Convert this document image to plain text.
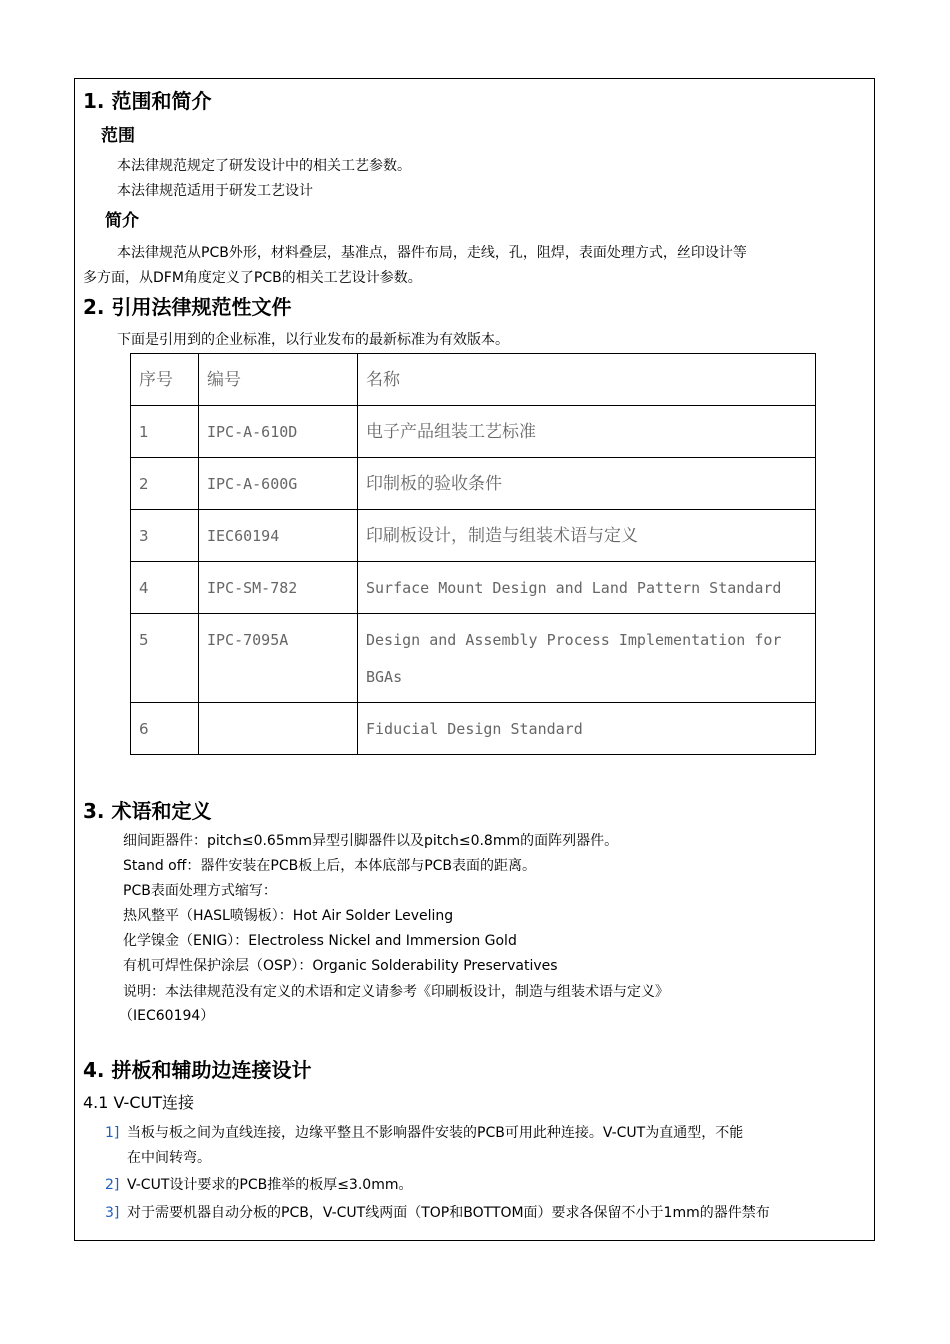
1. 范围和简介
范围
本法律规范规定了研发设计中的相关工艺参数。
本法律规范适用于研发工艺设计
简介
本法律规范从PCB外形，材料叠层，基准点，器件布局，走线，孔，阻焊，表面处理方式，丝印设计等
多方面，从DFM角度定义了PCB的相关工艺设计参数。
2. 引用法律规范性文件
下面是引用到的企业标准，以行业发布的最新标准为有效版本。
序号	编号	名称
1	IPC-A-610D	电子产品组装工艺标准
2	IPC-A-600G	印制板的验收条件
3	IEC60194	印刷板设计，制造与组装术语与定义
4	IPC-SM-782	Surface Mount Design and Land Pattern Standard
5	IPC-7095A	Design and Assembly Process Implementation for BGAs
6		Fiducial Design Standard
3. 术语和定义
细间距器件：pitch≤0.65mm异型引脚器件以及pitch≤0.8mm的面阵列器件。
Stand off：器件安装在PCB板上后，本体底部与PCB表面的距离。
PCB表面处理方式缩写：
热风整平（HASL喷锡板）：Hot Air Solder Leveling
化学镍金（ENIG）：Electroless Nickel and Immersion Gold
有机可焊性保护涂层（OSP）：Organic Solderability Preservatives
说明：本法律规范没有定义的术语和定义请参考《印刷板设计，制造与组装术语与定义》
（IEC60194）
4. 拼板和辅助边连接设计
4.1 V-CUT连接
1] 当板与板之间为直线连接，边缘平整且不影响器件安装的PCB可用此种连接。V-CUT为直通型，不能
在中间转弯。
2] V-CUT设计要求的PCB推举的板厚≤3.0mm。
3] 对于需要机器自动分板的PCB，V-CUT线两面（TOP和BOTTOM面）要求各保留不小于1mm的器件禁布
